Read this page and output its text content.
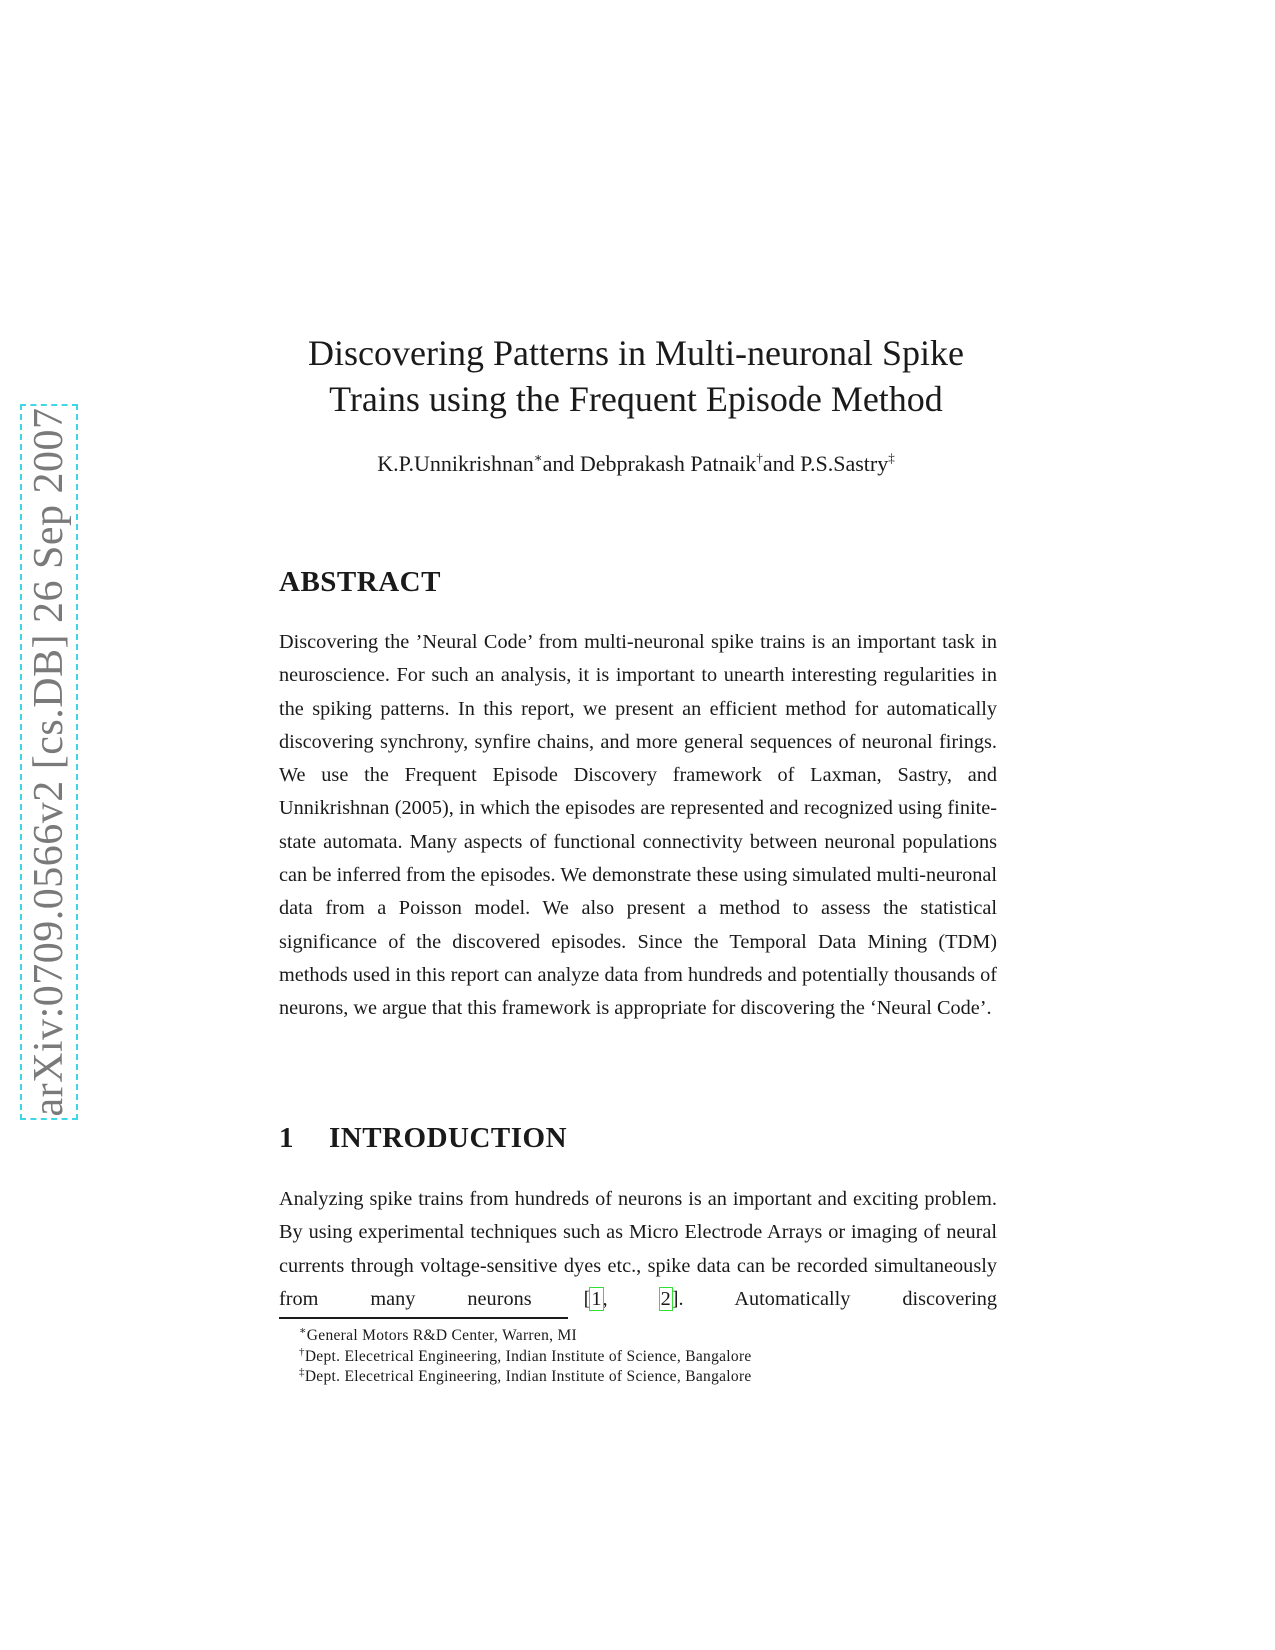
arXiv:0709.0566v2 [cs.DB] 26 Sep 2007
Discovering Patterns in Multi-neuronal Spike
Trains using the Frequent Episode Method
K.P.Unnikrishnan∗and Debprakash Patnaik†and P.S.Sastry‡
ABSTRACT

Discovering the ’Neural Code’ from multi-neuronal spike trains is an important task in neuroscience. For such an analysis, it is important to unearth interesting regularities in the spiking patterns. In this report, we present an efficient method for automatically discovering synchrony, synfire chains, and more general sequences of neuronal firings. We use the Frequent Episode Discovery framework of Laxman, Sastry, and Unnikrishnan (2005), in which the episodes are represented and recognized using finite-state automata. Many aspects of functional connectivity between neuronal populations can be inferred from the episodes. We demonstrate these using simulated multi-neuronal data from a Poisson model. We also present a method to assess the statistical significance of the discovered episodes. Since the Temporal Data Mining (TDM) methods used in this report can analyze data from hundreds and potentially thousands of neurons, we argue that this framework is appropriate for discovering the ‘Neural Code’.

1 INTRODUCTION

Analyzing spike trains from hundreds of neurons is an important and exciting problem. By using experimental techniques such as Micro Electrode Arrays or imaging of neural currents through voltage-sensitive dyes etc., spike data can be recorded simultaneously from many neurons [1, 2]. Automatically discovering

∗General Motors R&D Center, Warren, MI
†Dept. Elecetrical Engineering, Indian Institute of Science, Bangalore
‡Dept. Elecetrical Engineering, Indian Institute of Science, Bangalore
